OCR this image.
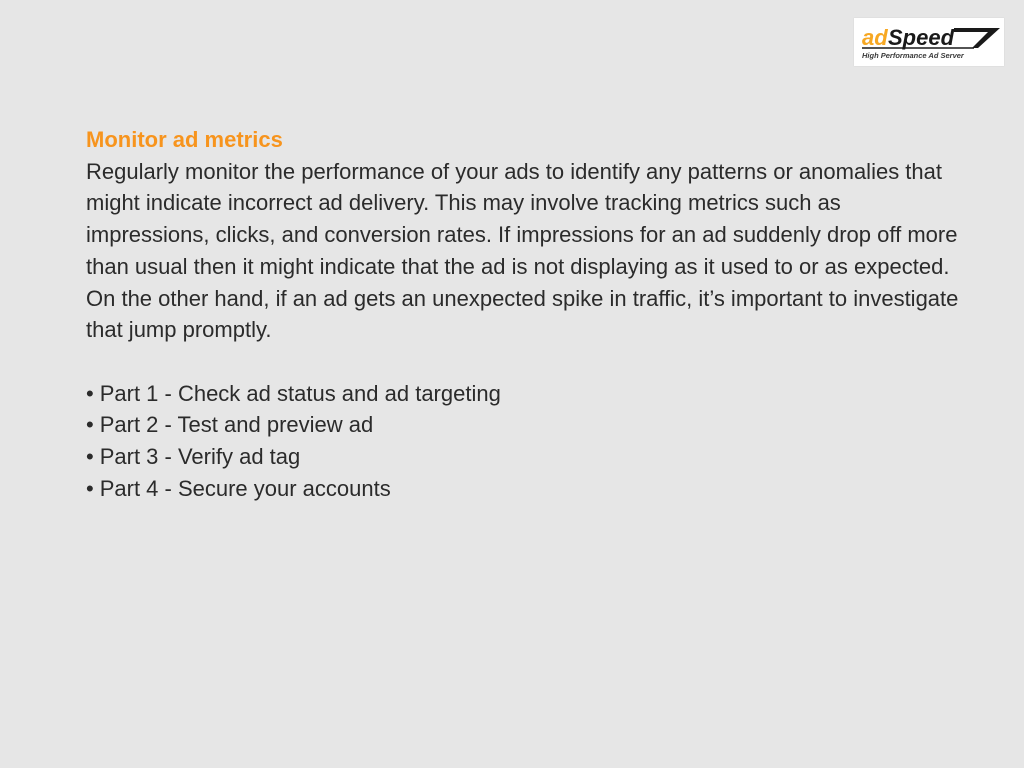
ad Speed
High Performance Ad Server

Monitor ad metrics

Regularly monitor the performance of your ads to identify any patterns or anomalies that might indicate incorrect ad delivery. This may involve tracking metrics such as impressions, clicks, and conversion rates. If impressions for an ad suddenly drop off more than usual then it might indicate that the ad is not displaying as it used to or as expected. On the other hand, if an ad gets an unexpected spike in traffic, it’s important to investigate that jump promptly.

• Part 1 - Check ad status and ad targeting
• Part 2 - Test and preview ad
• Part 3 - Verify ad tag
• Part 4 - Secure your accounts
